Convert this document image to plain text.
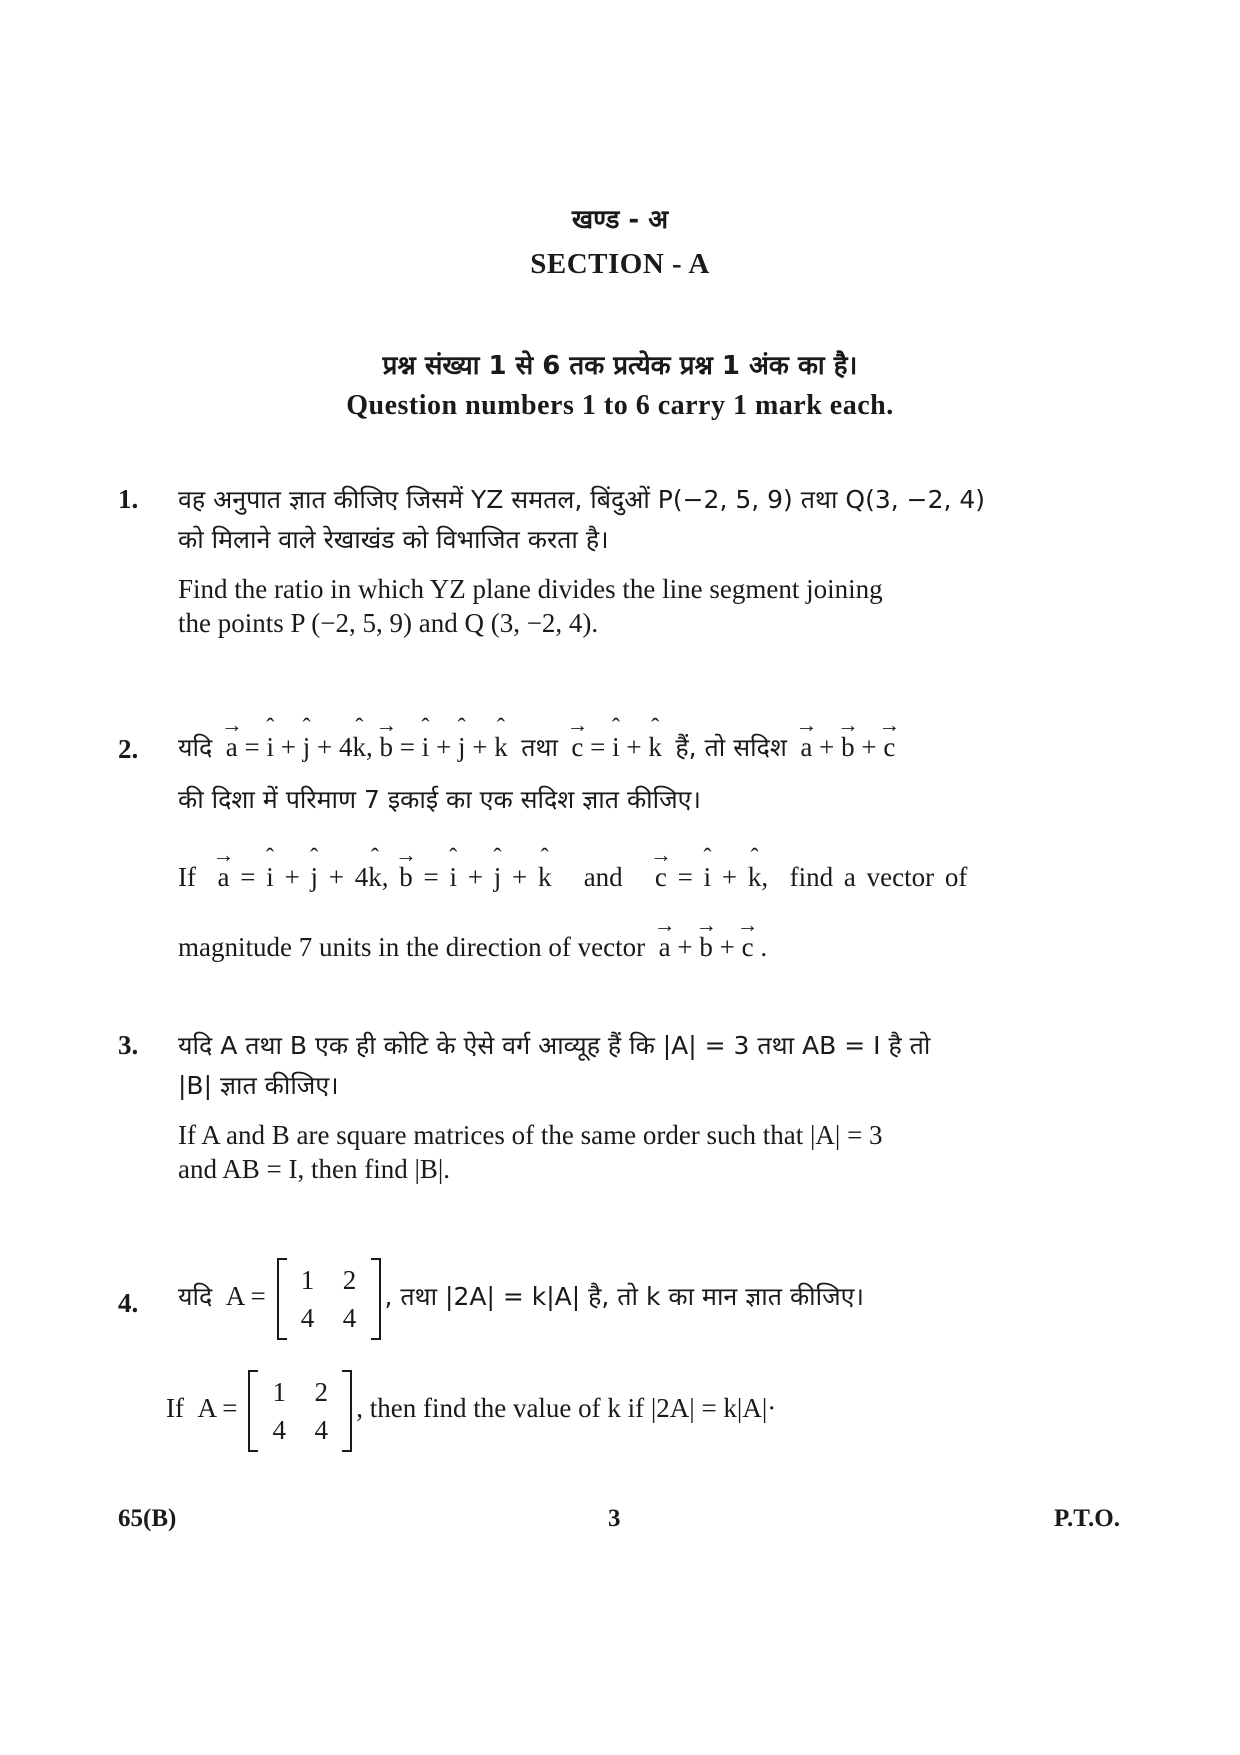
खण्ड - अ
SECTION - A
प्रश्न संख्या 1 से 6 तक प्रत्येक प्रश्न 1 अंक का है।
Question numbers 1 to 6 carry 1 mark each.
1. वह अनुपात ज्ञात कीजिए जिसमें YZ समतल, बिंदुओं P(−2, 5, 9) तथा Q(3, −2, 4)
को मिलाने वाले रेखाखंड को विभाजित करता है।
Find the ratio in which YZ plane divides the line segment joining
the points P (−2, 5, 9) and Q (3, −2, 4).
2. यदि → a = ˆ i + ˆ j + 4ˆ k, → b = ˆ i + ˆ j + ˆ k तथा → c = ˆ i + ˆ k हैं, तो सदिश → a + → b + → c
की दिशा में परिमाण 7 इकाई का एक सदिश ज्ञात कीजिए।
If → a = ˆ i + ˆ j + 4ˆ k, → b = ˆ i + ˆ j + ˆ k and → c = ˆ i + ˆ k,  find a vector of
magnitude 7 units in the direction of vector → a + → b + → c .
3. यदि A तथा B एक ही कोटि के ऐसे वर्ग आव्यूह हैं कि |A| = 3 तथा AB = I है तो
|B| ज्ञात कीजिए।
If A and B are square matrices of the same order such that |A| = 3
and AB = I, then find |B|.
4. यदि  A =
1	2
4	4
, तथा |2A| = k|A| है, तो k का मान ज्ञात कीजिए।
If  A =
1	2
4	4
, then find the value of k if |2A| = k|A|·
65(B)	3	P.T.O.
